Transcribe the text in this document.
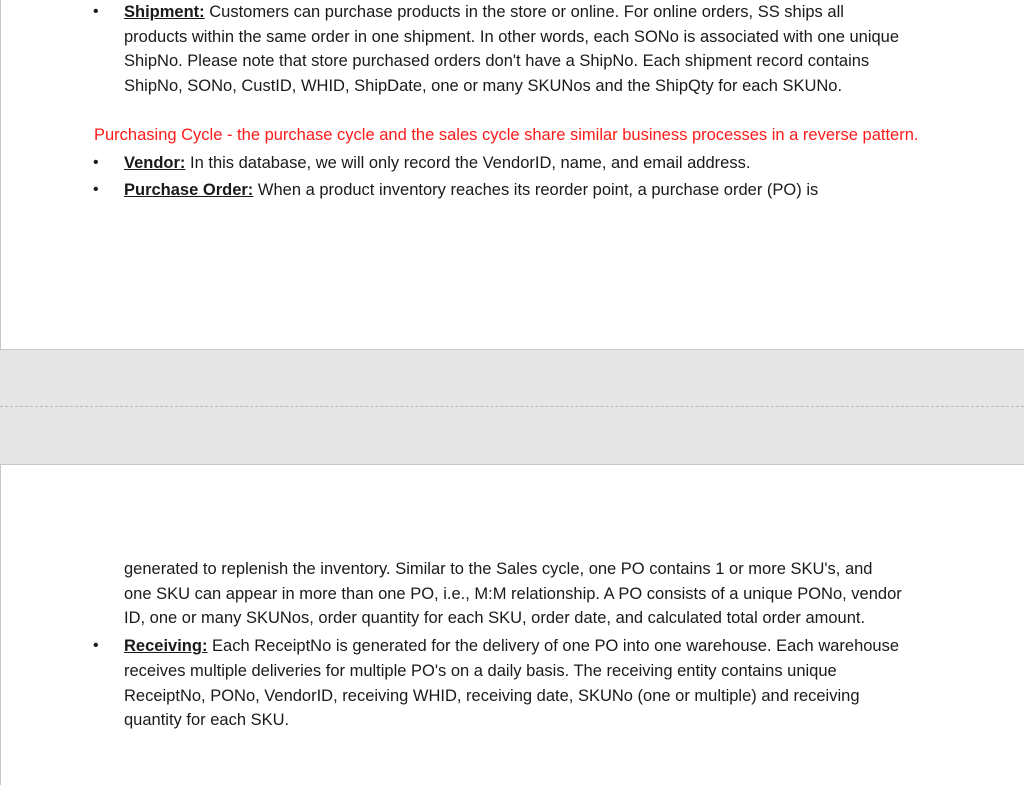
• Shipment: Customers can purchase products in the store or online. For online orders, SS ships all products within the same order in one shipment. In other words, each SONo is associated with one unique ShipNo. Please note that store purchased orders don't have a ShipNo. Each shipment record contains ShipNo, SONo, CustID, WHID, ShipDate, one or many SKUNos and the ShipQty for each SKUNo.
Purchasing Cycle - the purchase cycle and the sales cycle share similar business processes in a reverse pattern.
• Vendor: In this database, we will only record the VendorID, name, and email address.
• Purchase Order: When a product inventory reaches its reorder point, a purchase order (PO) is
generated to replenish the inventory. Similar to the Sales cycle, one PO contains 1 or more SKU's, and one SKU can appear in more than one PO, i.e., M:M relationship. A PO consists of a unique PONo, vendor ID, one or many SKUNos, order quantity for each SKU, order date, and calculated total order amount.
• Receiving: Each ReceiptNo is generated for the delivery of one PO into one warehouse. Each warehouse receives multiple deliveries for multiple PO's on a daily basis. The receiving entity contains unique ReceiptNo, PONo, VendorID, receiving WHID, receiving date, SKUNo (one or multiple) and receiving quantity for each SKU.
